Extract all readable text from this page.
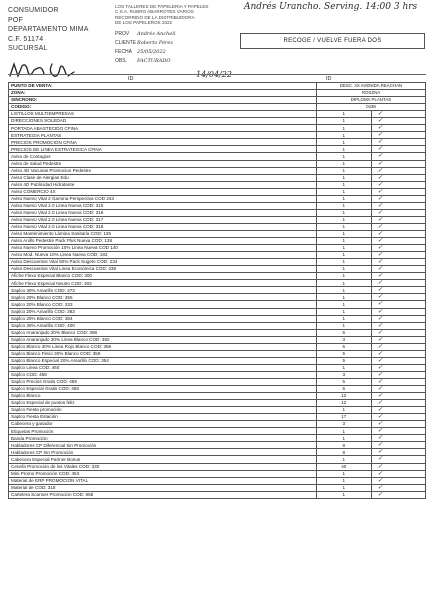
CONSUMIDOR
POF
DEPARTAMENTO MIMA
C.F. 51174
SUCURSAL
LOS TALLERES DE PAPELERIA Y PAPELES
C.S.A. RUBRO ABARROTES VARIOS
RECORRIDO DE LA DISTRIBUIDORA
DE LOS PAPELEROS 2022
PROV	Andrés Ancheli
CLIENTE Roberto Pérez
FECHA 25/05/2022
OBS.	FACTURADO
Andrés Urancho. Serving. 14:00 3 hrs
RECOGE / VUELVE FUERA DOS
14/04/22
ID	ID
PUNTO DE VENTA:	DESC. 4X AVENIDA REACHAN	
ZONA:	ROSZNA	
SINCRONO:	DIPLOMA PLANTAS	
CODIGO:	0438	
LISTILLOS MULTIEMPRESAS	1	✓

DIRECCIONES SOLEDAD	1	✓

PORTADA ABASTECIDO CFINA	1	✓

ESTRATEGIA PLANTAS	1	✓

PRECIOS PROMOCION CFINA	1	✓

PRECIOS DE LINEA ESTRATEGICA CFINA	1	✓

Aviso de Contagios	1	✓

Aviso de Salud Pedestre	1	✓

Aviso 4D Vacunas Promocion Pedestre	1	✓

Aviso Clase de Alergias Edu	1	✓

Aviso 4D Publicidad Hidratante	1	✓

Aviso COMERCIO 4X	1	✓

Aviso Nuevo Vital 2 Gamma Perspectiva COD 243	1	✓

Aviso Nuevo Vital 2.0 Linea Nueva COD: 315	1	✓

Aviso Nuevo Vital 2.0 Linea Nueva COD: 316	1	✓

Aviso Nuevo Vital 2.0 Linea Nueva COD: 317	1	✓

Aviso Nuevo Vital 2.0 Linea Nueva COD: 318	1	✓

Aviso Mantenimiento Lámina Sanitaria COD: 135	1	✓

Aviso Anillo Pedestre Pack Plus Nueva COD: 138	1	✓

Aviso Nuevo Promoción 10% Linea Nueva COD 140	1	✓

Aviso Mod. Nueva 10% Linea Nueva COD: 183	1	✓

Aviso Descuentos Vital 50% Pack Sugeto COD: 234	1	✓

Aviso Descuentos Vital Linea Económica COD: 238	1	✓

Afiche Flexo Especial Blanco COD: 300	1	✓

Afiche Flexo Especial Neutro COD: 303	1	✓

Saplco 30% Amarillo COD: 373	1	✓

Saplco 20% Blanco COD: 355	1	✓

Saplco 20% Blanco COD: 333	1	✓

Saplco 20% Amarillo COD: 383	1	✓

Saplco 20% Blanco COD: 384	1	✓

Saplco 30% Amarillo COD: 400	1	✓

Saplco Anaranjado 20% Blanco COD: 358	5	✓

Saplco Anaranjado 30% Linea Blanco COD: 352	3	✓

Saplco Blanco 30% Linea Rojo Blanco COD: 358	5	✓

Saplco Blanco Flexo 30% Blanco COD: 359	5	✓

Saplco Blanco Especial 20% Amarillo COD: 354	5	✓

Saplco Linea COD: 460	1	✓

Saplco COD: 458	3	✓

Saplco Precios Gratis COD: 459	5	✓

Saplco Especial Gratis COD: 455	5	✓

Saplco Blanco	12	✓

Saplco Especial de puntos feliz	12	✓

Saplco Fiesta promoción	1	✓

Saplco Fiesta Estación	17	✓

Cabecera y ganador	3	✓

Etiquetas Promoción	1	✓

Banda Promoción	1	✓

Habladores CP Diferencial Sin Promoción	8	✓

Habladores CP Sin Promoción	8	✓

Cabecera Especial Partner Bonus	1	✓

Cenefa Promoción de los Vitales COD: 330	40	✓

Mini Promo Promoción COD: 453	1	✓

Material de ERP PROMOCION VITAL	1	✓

Material de COD: 318	1	✓

Cartelera Scanner Promoción COD: 858	1	✓
